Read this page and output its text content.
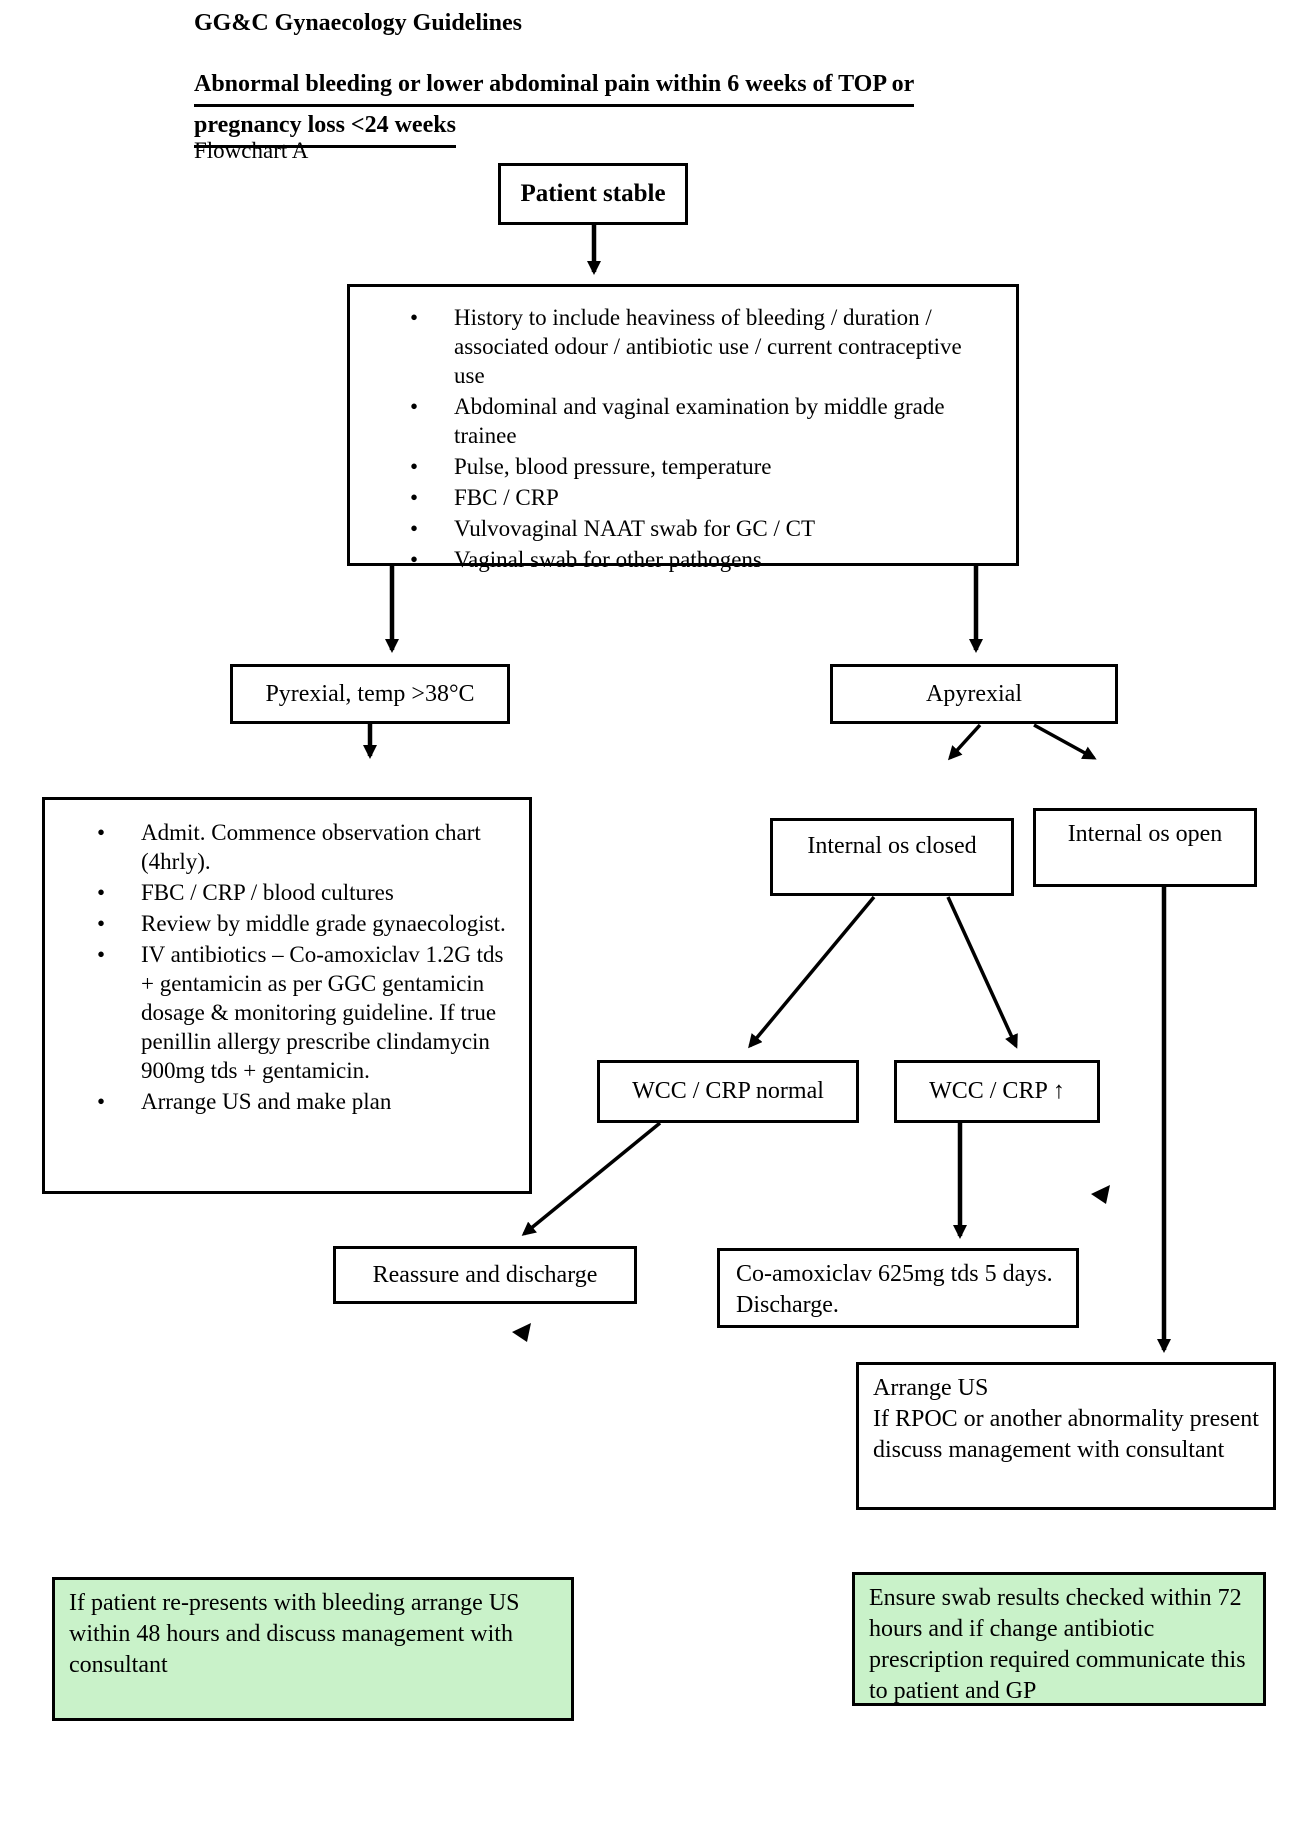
GG&C Gynaecology Guidelines
Abnormal bleeding or lower abdominal pain within 6 weeks of TOP or
pregnancy loss <24 weeks
Flowchart A
Patient stable
• History to include heaviness of bleeding / duration / associated odour / antibiotic use / current contraceptive use
• Abdominal and vaginal examination by middle grade trainee
• Pulse, blood pressure, temperature
• FBC / CRP
• Vulvovaginal NAAT swab for GC / CT
• Vaginal swab for other pathogens
Pyrexial, temp >38°C	Apyrexial
• Admit. Commence observation chart (4hrly).
• FBC / CRP / blood cultures
• Review by middle grade gynaecologist.
• IV antibiotics – Co-amoxiclav 1.2G tds + gentamicin as per GGC gentamicin dosage & monitoring guideline. If true penillin allergy prescribe clindamycin 900mg tds + gentamicin.
• Arrange US and make plan
Internal os closed	Internal os open
WCC / CRP normal	WCC / CRP ↑
Reassure and discharge	Co-amoxiclav 625mg tds 5 days. Discharge.
Arrange US
If RPOC or another abnormality present discuss management with consultant
If patient re-presents with bleeding arrange US within 48 hours and discuss management with consultant
Ensure swab results checked within 72 hours and if change antibiotic prescription required communicate this to patient and GP
